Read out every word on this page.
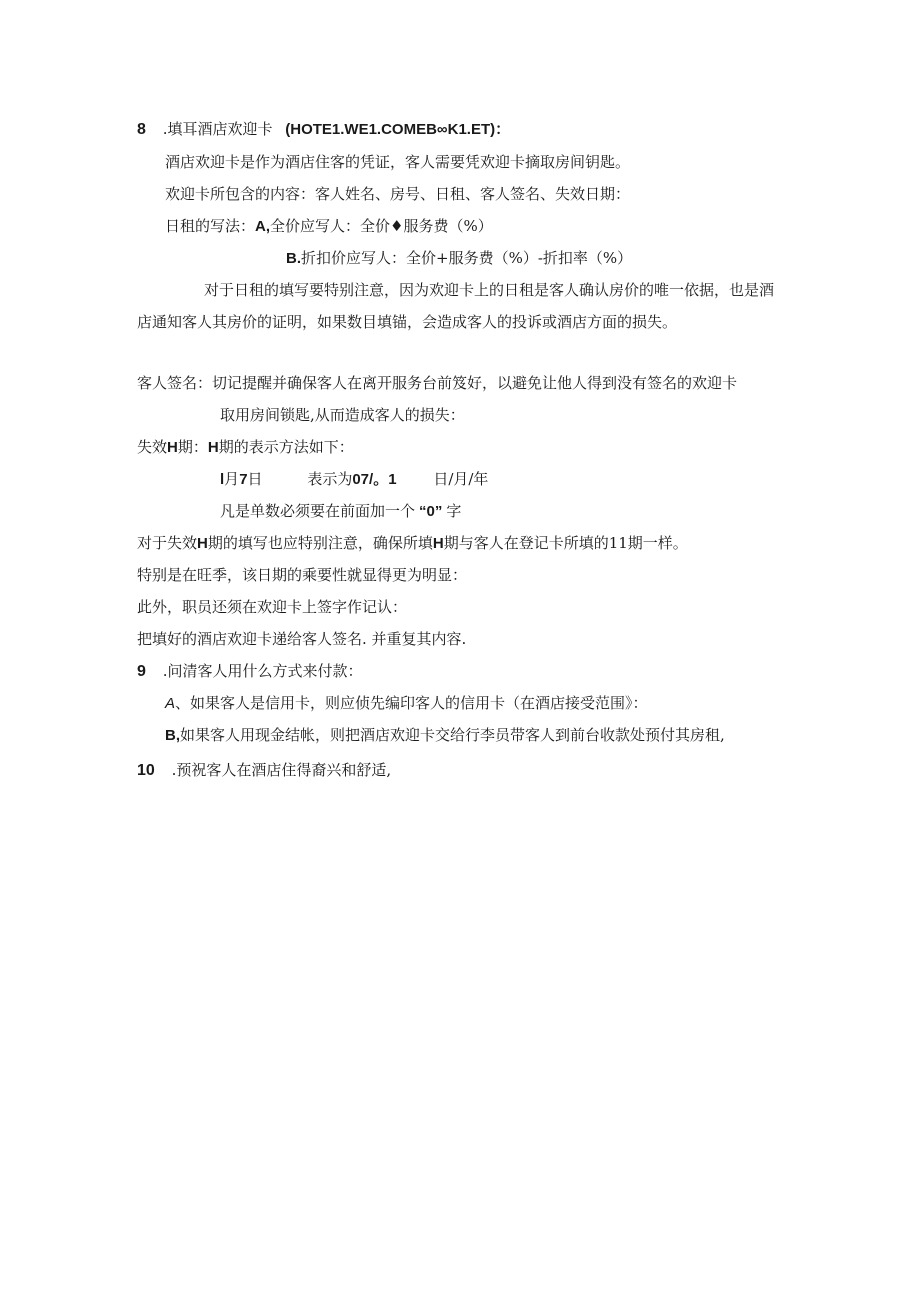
8 .填耳酒店欢迎卡 (HOTE1.WE1.COMEB∞K1.ET)：
酒店欢迎卡是作为酒店住客的凭证，客人需要凭欢迎卡摘取房间钥匙。
欢迎卡所包含的内容：客人姓名、房号、日租、客人签名、失效日期：
日租的写法：A,全价应写人：全价♦服务费（%）
B.折扣价应写人：全价+服务费（%）-折扣率（%）
对于日租的填写要特别注意，因为欢迎卡上的日租是客人确认房价的唯一依据，也是酒
店通知客人其房价的证明，如果数目填锚，会造成客人的投诉或酒店方面的损失。
客人签名：切记提醒并确保客人在离开服务台前笈好，以避免让他人得到没有签名的欢迎卡
取用房间锁匙,从而造成客人的损失：
失效H期：H期的表示方法如下：
l月7日	表示为07/。1 日/月/年
凡是单数必须要在前面加一个 “0” 字
对于失效H期的填写也应特别注意，确保所填H期与客人在登记卡所填的11期一样。
特别是在旺季，该日期的乘要性就显得更为明显：
此外，职员还须在欢迎卡上签字作记认：
把填好的酒店欢迎卡递给客人签名. 并重复其内容.
9 .问清客人用什么方式来付款：
A、如果客人是信用卡，则应侦先编印客人的信用卡（在酒店接受范围》：
B,如果客人用现金结帐，则把酒店欢迎卡交给行李员带客人到前台收款处预付其房租,
10 .预祝客人在酒店住得裔兴和舒适,
